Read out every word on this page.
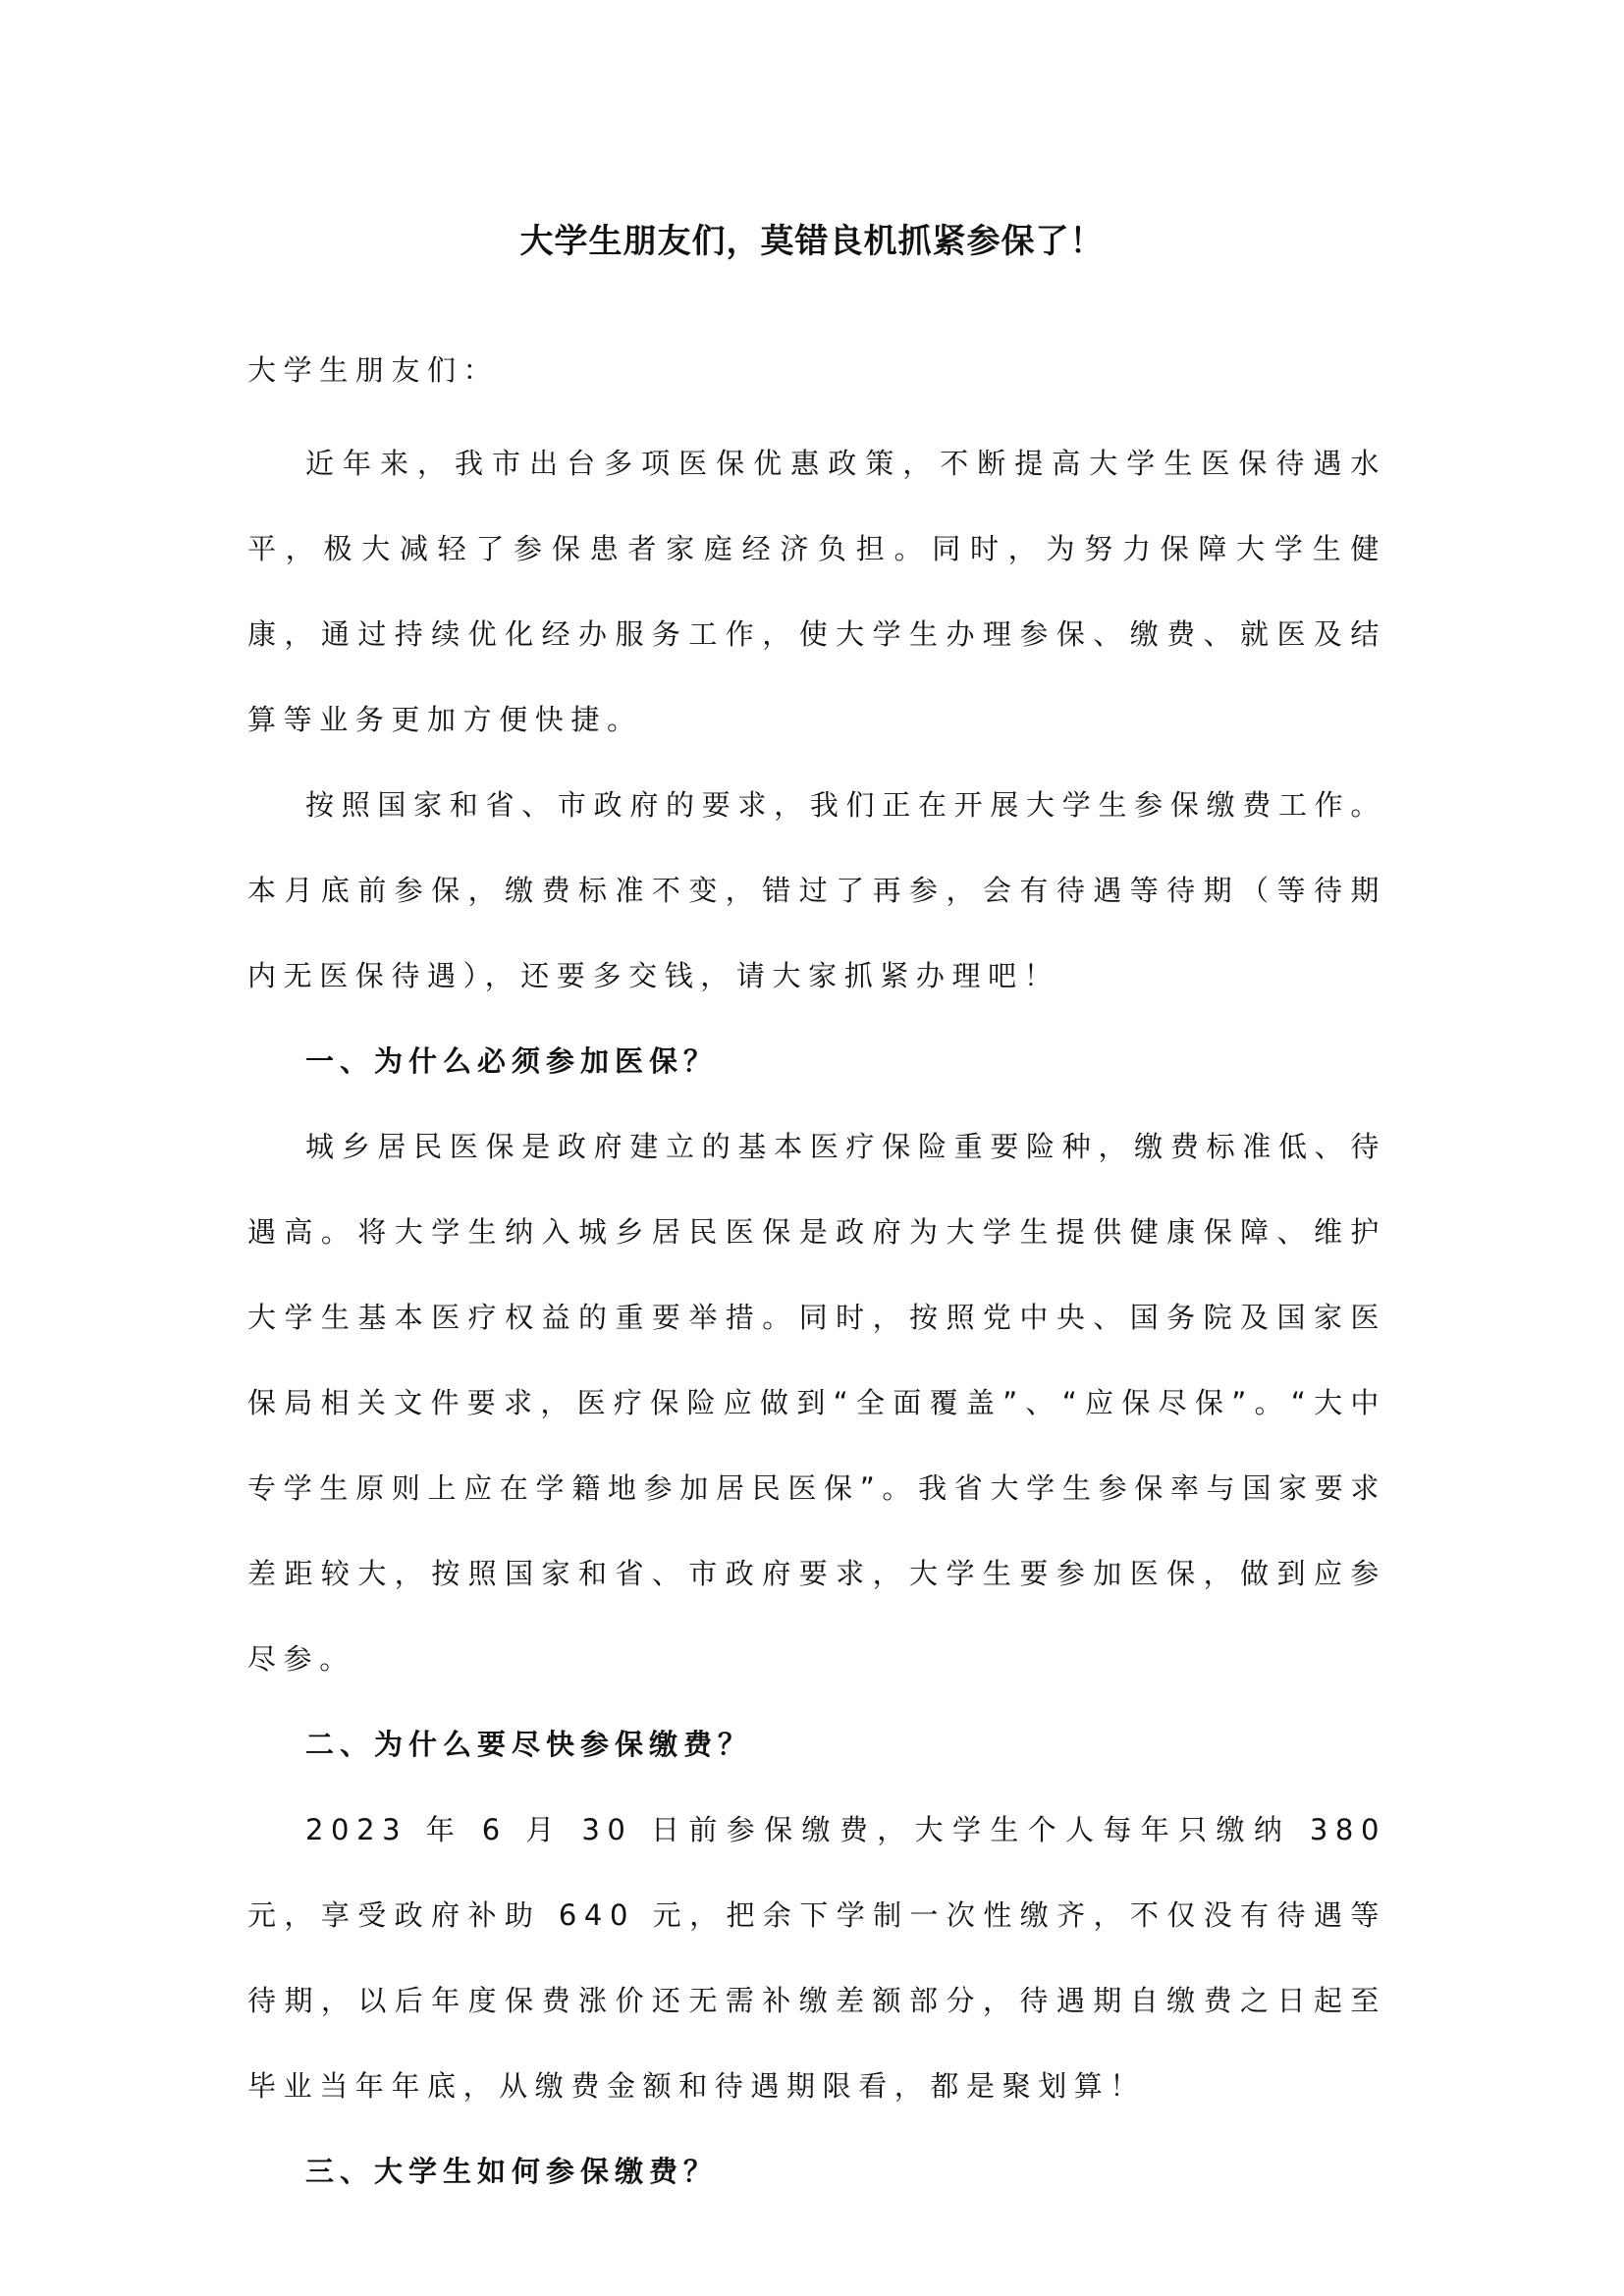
大学生朋友们，莫错良机抓紧参保了！

大学生朋友们：

近年来，我市出台多项医保优惠政策，不断提高大学生医保待遇水平，极大减轻了参保患者家庭经济负担。同时，为努力保障大学生健康，通过持续优化经办服务工作，使大学生办理参保、缴费、就医及结算等业务更加方便快捷。

按照国家和省、市政府的要求，我们正在开展大学生参保缴费工作。本月底前参保，缴费标准不变，错过了再参，会有待遇等待期（等待期内无医保待遇），还要多交钱，请大家抓紧办理吧！

一、为什么必须参加医保？

城乡居民医保是政府建立的基本医疗保险重要险种，缴费标准低、待遇高。将大学生纳入城乡居民医保是政府为大学生提供健康保障、维护大学生基本医疗权益的重要举措。同时，按照党中央、国务院及国家医保局相关文件要求，医疗保险应做到“全面覆盖”、“应保尽保”。“大中专学生原则上应在学籍地参加居民医保”。我省大学生参保率与国家要求差距较大，按照国家和省、市政府要求，大学生要参加医保，做到应参尽参。

二、为什么要尽快参保缴费？

2023 年 6 月 30 日前参保缴费，大学生个人每年只缴纳 380 元，享受政府补助 640 元，把余下学制一次性缴齐，不仅没有待遇等待期，以后年度保费涨价还无需补缴差额部分，待遇期自缴费之日起至毕业当年年底，从缴费金额和待遇期限看，都是聚划算！

三、大学生如何参保缴费？
